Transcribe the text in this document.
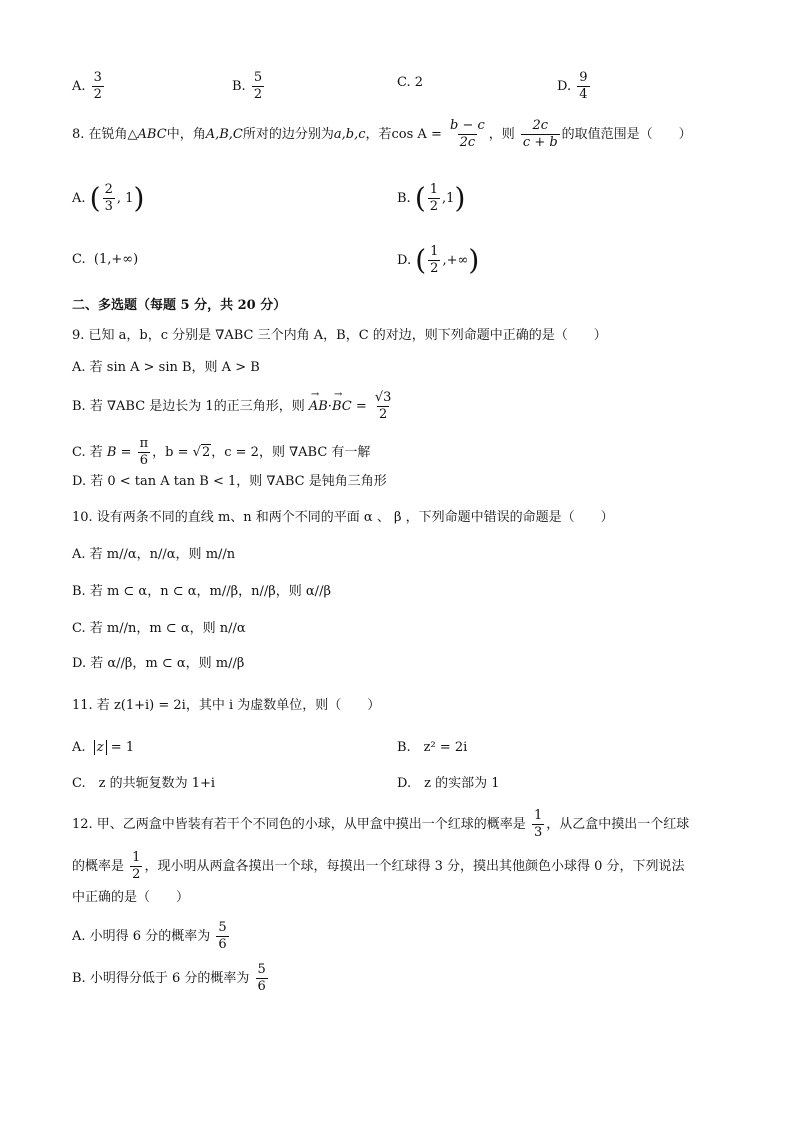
A. $\frac{3}{2}$	B. $\frac{5}{2}$	C. 2	D. $\frac{9}{4}$
8. 在锐角△ABC中，角A,B,C所对的边分别为a,b,c，若$\cos A = \frac{b - c}{2c}$ ，则 $\frac{2c}{c + b}$ 的取值范围是（　　）
A. ( $\frac{2}{3}$ , 1)	B. ( $\frac{1}{2} ,1$)
C. (1,+∞)	D. ( $\frac{1}{2}$ ,+∞)
二、多选题（每题 5 分，共 20 分）
9. 已知 a，b，c 分别是 ∇ABC 三个内角 A，B，C 的对边，则下列命题中正确的是（　　）
A. 若 sin A > sin B，则 A > B
B. 若 ∇ABC 是边长为 1的正三角形，则 → AB·→ BC = $\frac{√3}{2}$
C. 若 $B = \frac{\pi}{6}$ ，b = √2，c = 2，则 ∇ABC 有一解
D. 若 0 < tan A tan B < 1，则 ∇ABC 是钝角三角形
10. 设有两条不同的直线 m、n 和两个不同的平面 α 、 β ，下列命题中错误的命题是（　　）
A. 若 m//α，n//α，则 m//n
B. 若 m ⊂ α，n ⊂ α，m//β，n//β，则 α//β
C. 若 m//n，m ⊂ α，则 n//α
D. 若 α//β，m ⊂ α，则 m//β
11. 若 z(1+i) = 2i，其中 i 为虚数单位，则（　　）
A. z = 1	B.　z² = 2i
C.　z 的共轭复数为 1+i	D.　z 的实部为 1
12. 甲、乙两盒中皆装有若干个不同色的小球，从甲盒中摸出一个红球的概率是 $\frac{1}{3}$ ，从乙盒中摸出一个红球
的概率是 $\frac{1}{2}$ ，现小明从两盒各摸出一个球，每摸出一个红球得 3 分，摸出其他颜色小球得 0 分，下列说法
中正确的是（　　）
A. 小明得 6 分的概率为 $\frac{5}{6}$
B. 小明得分低于 6 分的概率为 $\frac{5}{6}$
